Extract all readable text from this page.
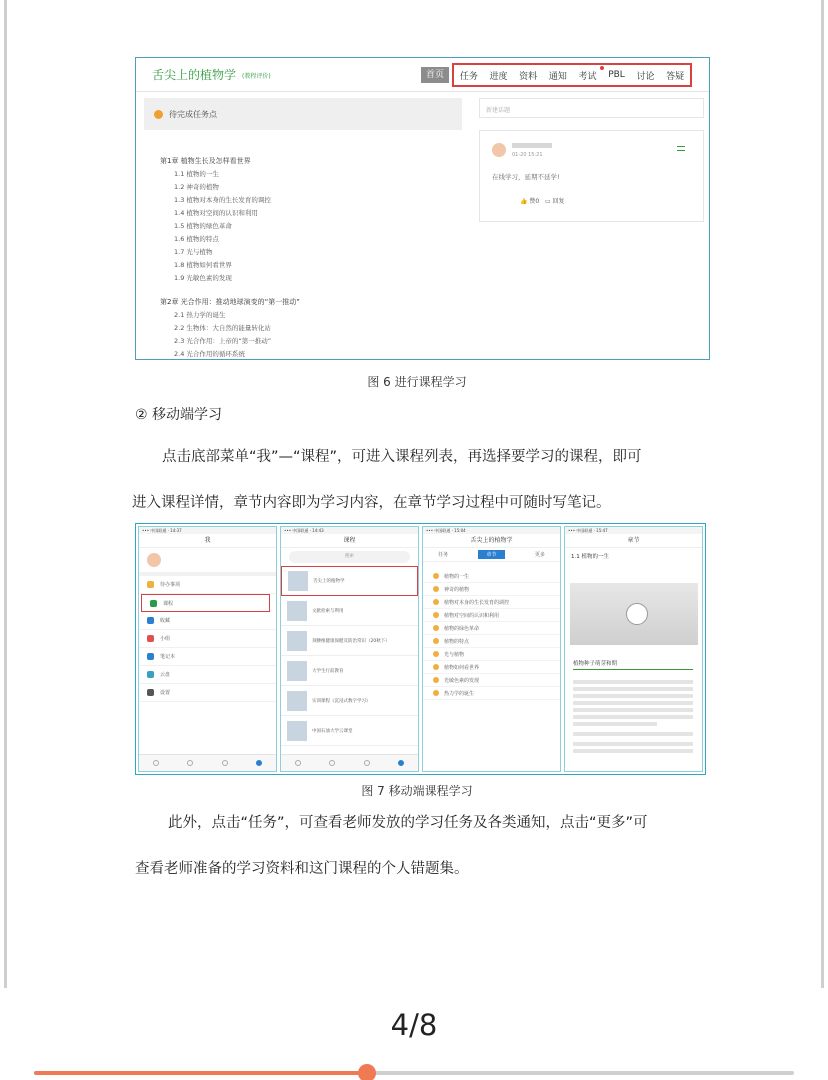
舌尖上的植物学 (教程评价)	首页	任务 进度 资料 通知 考试 PBL 讨论 答疑
待完成任务点
第1章 植物生长及怎样看世界
1.1 植物的一生
1.2 神奇的植物
1.3 植物对本身的生长发育的调控
1.4 植物对空间的认识和利用
1.5 植物的绿色革命
1.6 植物的特点
1.7 光与植物
1.8 植物如何看世界
1.9 光敏色素的发现
第2章 光合作用：推动地球演变的“第一推动”
2.1 热力学的诞生
2.2 生物体：大自然的能量转化站
2.3 光合作用：上帝的“第一推动”
2.4 光合作用的循环系统
新建话题
01-20 15:21
在线学习，延期不延学!
👍 赞0   ▭ 回复
图 6 进行课程学习
② 移动端学习
点击底部菜单“我”—“课程”，可进入课程列表，再选择要学习的课程，即可
进入课程详情，章节内容即为学习内容，在章节学习过程中可随时写笔记。
••• 中国联通 · 14:37
我
待办事项
课程
收藏
小组
笔记本
云盘
设置
••• 中国联通 · 14:43
课程
搜索
舌尖上的植物学
文献检索与利用
颈腰椎健康保健及防治常识（20秋下）
大学生行前教育
实训课程《沉浸式数字学习》
中国石油大学云课堂
••• 中国联通 · 15:04
舌尖上的植物学
任务	章节	更多
植物的一生
神奇的植物
植物对本身的生长发育的调控
植物对空间的认识和利用
植物的绿色革命
植物的特点
光与植物
植物如何看世界
光敏色素的发现
热力学的诞生
••• 中国联通 · 15:47
章节
1.1 植物的一生
植物种子萌芽和期
图 7 移动端课程学习
此外，点击“任务”，可查看老师发放的学习任务及各类通知，点击“更多”可
查看老师准备的学习资料和这门课程的个人错题集。
4/8
